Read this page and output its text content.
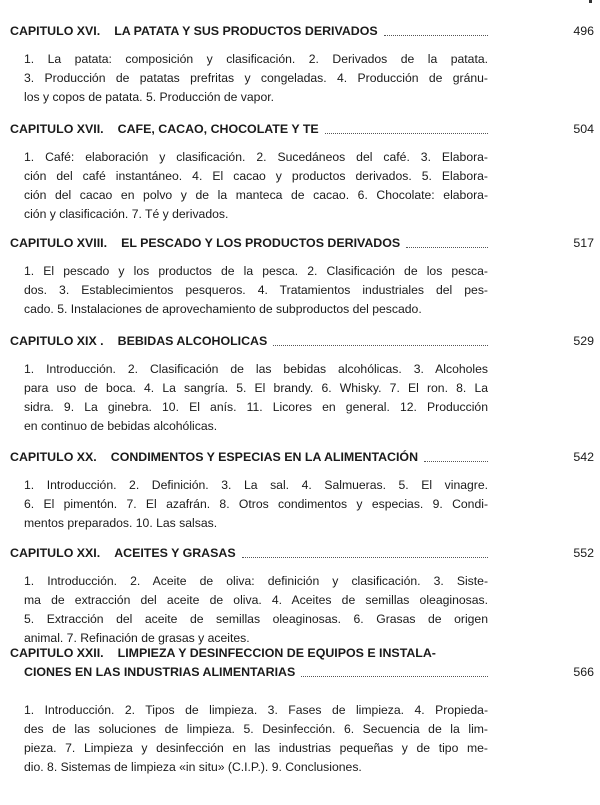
CAPITULO XVI. LA PATATA Y SUS PRODUCTOS DERIVADOS	496
1. La patata: composición y clasificación. 2. Derivados de la patata.
3. Producción de patatas prefritas y congeladas. 4. Producción de gránu-
los y copos de patata. 5. Producción de vapor.
CAPITULO XVII. CAFE, CACAO, CHOCOLATE Y TE	504
1. Café: elaboración y clasificación. 2. Sucedáneos del café. 3. Elabora-
ción del café instantáneo. 4. El cacao y productos derivados. 5. Elabora-
ción del cacao en polvo y de la manteca de cacao. 6. Chocolate: elabora-
ción y clasificación. 7. Té y derivados.
CAPITULO XVIII. EL PESCADO Y LOS PRODUCTOS DERIVADOS	517
1. El pescado y los productos de la pesca. 2. Clasificación de los pesca-
dos. 3. Establecimientos pesqueros. 4. Tratamientos industriales del pes-
cado. 5. Instalaciones de aprovechamiento de subproductos del pescado.
CAPITULO XIX . BEBIDAS ALCOHOLICAS	529
1. Introducción. 2. Clasificación de las bebidas alcohólicas. 3. Alcoholes
para uso de boca. 4. La sangría. 5. El brandy. 6. Whisky. 7. El ron. 8. La
sidra. 9. La ginebra. 10. El anís. 11. Licores en general. 12. Producción
en continuo de bebidas alcohólicas.
CAPITULO XX. CONDIMENTOS Y ESPECIAS EN LA ALIMENTACIÓN	542
1. Introducción. 2. Definición. 3. La sal. 4. Salmueras. 5. El vinagre.
6. El pimentón. 7. El azafrán. 8. Otros condimentos y especias. 9. Condi-
mentos preparados. 10. Las salsas.
CAPITULO XXI. ACEITES Y GRASAS	552
1. Introducción. 2. Aceite de oliva: definición y clasificación. 3. Siste-
ma de extracción del aceite de oliva. 4. Aceites de semillas oleaginosas.
5. Extracción del aceite de semillas oleaginosas. 6. Grasas de origen
animal. 7. Refinación de grasas y aceites.
CAPITULO XXII. LIMPIEZA Y DESINFECCION DE EQUIPOS E INSTALA-
CIONES EN LAS INDUSTRIAS ALIMENTARIAS	566
1. Introducción. 2. Tipos de limpieza. 3. Fases de limpieza. 4. Propieda-
des de las soluciones de limpieza. 5. Desinfección. 6. Secuencia de la lim-
pieza. 7. Limpieza y desinfección en las industrias pequeñas y de tipo me-
dio. 8. Sistemas de limpieza «in situ» (C.I.P.). 9. Conclusiones.
